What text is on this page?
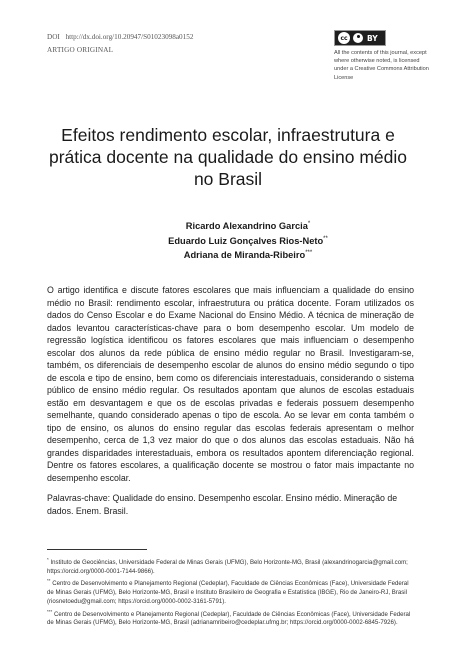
DOI http://dx.doi.org/10.20947/S01023098a0152
ARTIGO ORIGINAL
cc	BY
All the contents of this journal, except where otherwise noted, is licensed under a Creative Commons Attribution License
Efeitos rendimento escolar, infraestrutura e prática docente na qualidade do ensino médio no Brasil
Ricardo Alexandrino Garcia*
Eduardo Luiz Gonçalves Rios-Neto**
Adriana de Miranda-Ribeiro***

O artigo identifica e discute fatores escolares que mais influenciam a qualidade do ensino médio no Brasil: rendimento escolar, infraestrutura ou prática docente. Foram utilizados os dados do Censo Escolar e do Exame Nacional do Ensino Médio. A técnica de mineração de dados levantou características-chave para o bom desempenho escolar. Um modelo de regressão logística identificou os fatores escolares que mais influenciam o desempenho escolar dos alunos da rede pública de ensino médio regular no Brasil. Investigaram-se, também, os diferenciais de desempenho escolar de alunos do ensino médio segundo o tipo de escola e tipo de ensino, bem como os diferenciais interestaduais, considerando o sistema público de ensino médio regular. Os resultados apontam que alunos de escolas estaduais estão em desvantagem e que os de escolas privadas e federais possuem desempenho semelhante, quando considerado apenas o tipo de escola. Ao se levar em conta também o tipo de ensino, os alunos do ensino regular das escolas federais apresentam o melhor desempenho, cerca de 1,3 vez maior do que o dos alunos das escolas estaduais. Não há grandes disparidades interestaduais, embora os resultados apontem diferenciação regional. Dentre os fatores escolares, a qualificação docente se mostrou o fator mais impactante no desempenho escolar.

Palavras-chave: Qualidade do ensino. Desempenho escolar. Ensino médio. Mineração de dados. Enem. Brasil.

* Instituto de Geociências, Universidade Federal de Minas Gerais (UFMG), Belo Horizonte-MG, Brasil (alexandrinogarcia@gmail.com; https://orcid.org/0000-0001-7144-9866).
** Centro de Desenvolvimento e Planejamento Regional (Cedeplar), Faculdade de Ciências Econômicas (Face), Universidade Federal de Minas Gerais (UFMG), Belo Horizonte-MG, Brasil e Instituto Brasileiro de Geografia e Estatística (IBGE), Rio de Janeiro-RJ, Brasil (riosnetoedu@gmail.com; https://orcid.org/0000-0002-3161-5791).
*** Centro de Desenvolvimento e Planejamento Regional (Cedeplar), Faculdade de Ciências Econômicas (Face), Universidade Federal de Minas Gerais (UFMG), Belo Horizonte-MG, Brasil (adrianamribeiro@cedeplar.ufmg.br; https://orcid.org/0000-0002-6845-7926).
